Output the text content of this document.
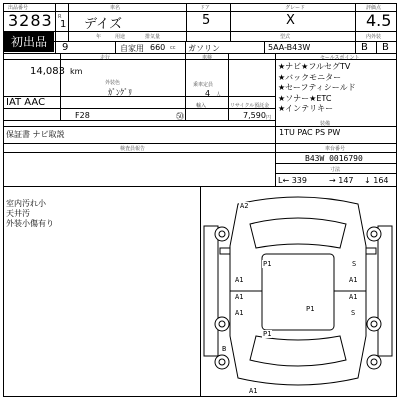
出品番号
3283
初出品
R
1
車名
デイズ
ドア
5
グレード
X
評価点
4.5
年	用途	排気量	型式	内外装
9	自家用 660 cc ガソリン	5AA-B43W	B B
走行
14,083 km
外装色
ｶﾞﾝｸﾞﾘ
IAT AAC
乗車定員
4 人
車検
輸入	リサイクル預託金
F28	7,590 円
㊿
保証書 ナビ取説
セールスポイント
★ナビ★フルセグTV
★バックモニター
★セーフティシールド
★ソナー★ETC
★インテリキー
装備
1TU PAC PS PW
検査員報告	車台番号
B43W 0016790
寸法
L← 339	→ 147 ↓ 164
室内汚れ小
天井汚
外装小傷有り
A2
P1	S
A1	A1
A1	A1
A1	S
P1
B
P1
A1
